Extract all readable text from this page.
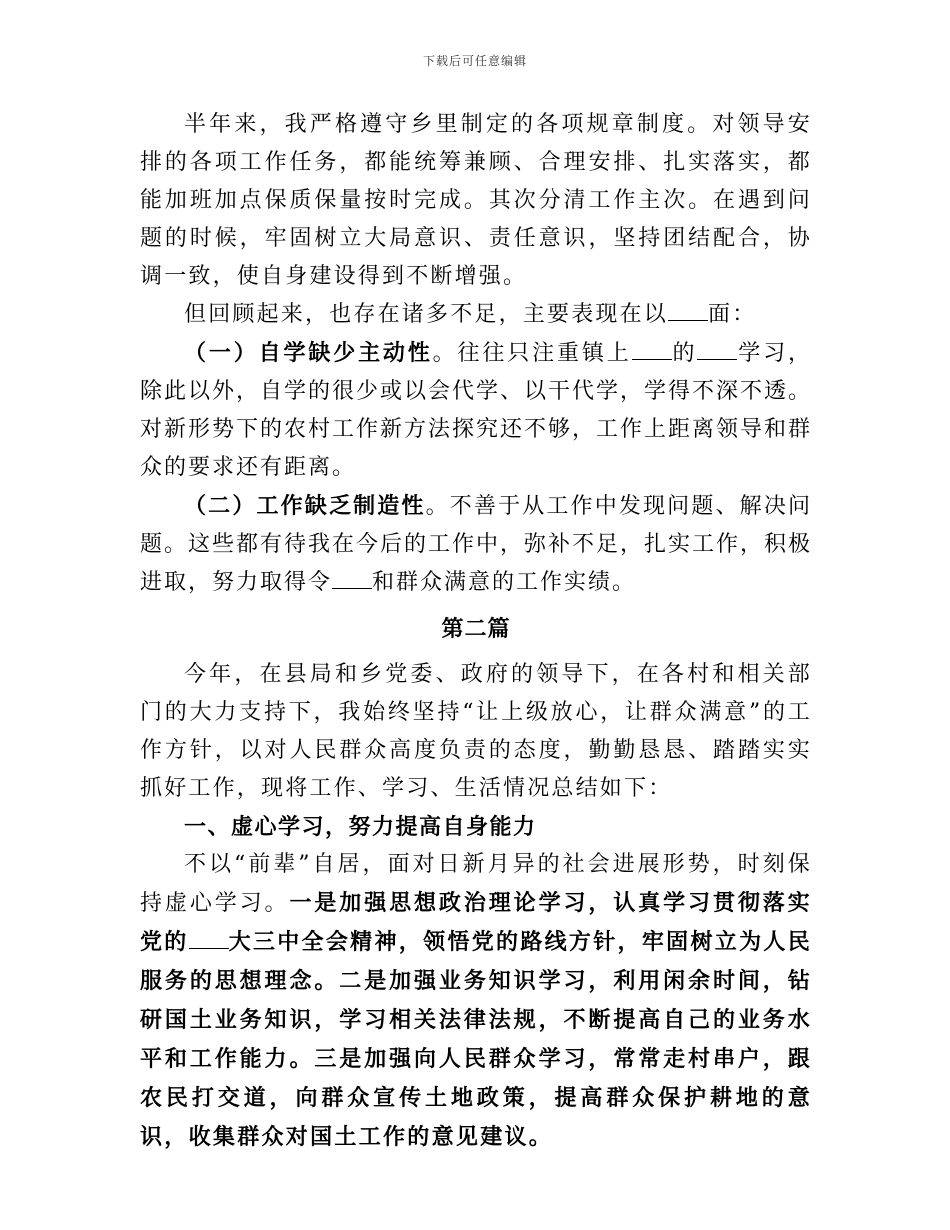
下载后可任意编辑

半年来，我严格遵守乡里制定的各项规章制度。对领导安排的各项工作任务，都能统筹兼顾、合理安排、扎实落实，都能加班加点保质保量按时完成。其次分清工作主次。在遇到问题的时候，牢固树立大局意识、责任意识，坚持团结配合，协调一致，使自身建设得到不断增强。

但回顾起来，也存在诸多不足，主要表现在以 面：

（一）自学缺少主动性。往往只注重镇上 的 学习，除此以外，自学的很少或以会代学、以干代学，学得不深不透。对新形势下的农村工作新方法探究还不够，工作上距离领导和群众的要求还有距离。

（二）工作缺乏制造性。不善于从工作中发现问题、解决问题。这些都有待我在今后的工作中，弥补不足，扎实工作，积极进取，努力取得令 和群众满意的工作实绩。

第二篇

今年，在县局和乡党委、政府的领导下，在各村和相关部门的大力支持下，我始终坚持“让上级放心，让群众满意”的工作方针，以对人民群众高度负责的态度，勤勤恳恳、踏踏实实抓好工作，现将工作、学习、生活情况总结如下：

一、虚心学习，努力提高自身能力

不以“前辈”自居，面对日新月异的社会进展形势，时刻保持虚心学习。一是加强思想政治理论学习，认真学习贯彻落实党的 大三中全会精神，领悟党的路线方针，牢固树立为人民服务的思想理念。二是加强业务知识学习，利用闲余时间，钻研国土业务知识，学习相关法律法规，不断提高自己的业务水平和工作能力。三是加强向人民群众学习，常常走村串户，跟农民打交道，向群众宣传土地政策，提高群众保护耕地的意识，收集群众对国土工作的意见建议。
